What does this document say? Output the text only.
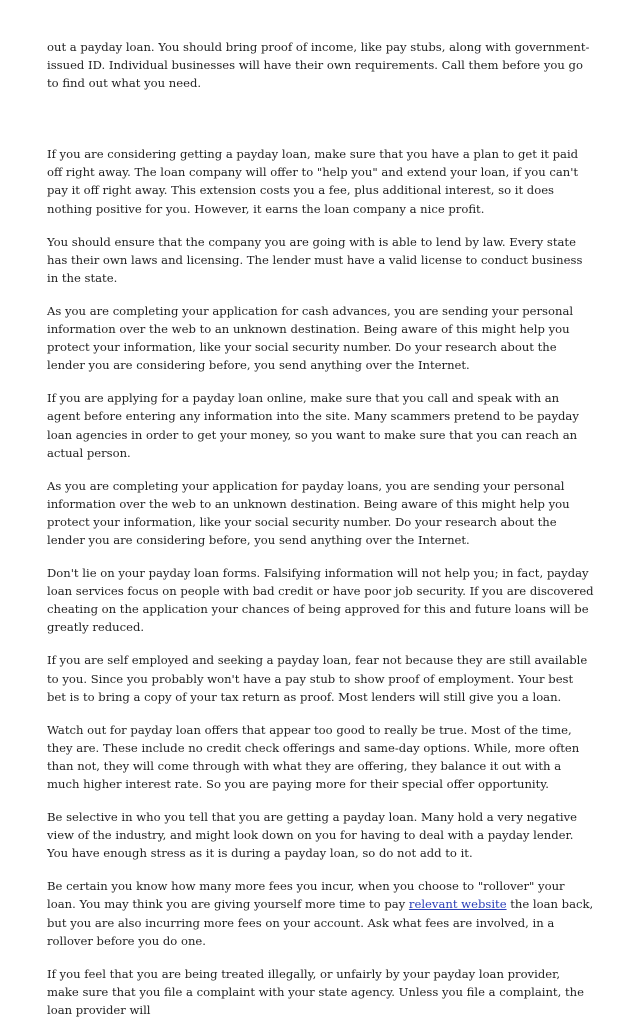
out a payday loan. You should bring proof of income, like pay stubs, along with government-issued ID. Individual businesses will have their own requirements. Call them before you go to find out what you need.

If you are considering getting a payday loan, make sure that you have a plan to get it paid off right away. The loan company will offer to "help you" and extend your loan, if you can't pay it off right away. This extension costs you a fee, plus additional interest, so it does nothing positive for you. However, it earns the loan company a nice profit.

You should ensure that the company you are going with is able to lend by law. Every state has their own laws and licensing. The lender must have a valid license to conduct business in the state.

As you are completing your application for cash advances, you are sending your personal information over the web to an unknown destination. Being aware of this might help you protect your information, like your social security number. Do your research about the lender you are considering before, you send anything over the Internet.

If you are applying for a payday loan online, make sure that you call and speak with an agent before entering any information into the site. Many scammers pretend to be payday loan agencies in order to get your money, so you want to make sure that you can reach an actual person.

As you are completing your application for payday loans, you are sending your personal information over the web to an unknown destination. Being aware of this might help you protect your information, like your social security number. Do your research about the lender you are considering before, you send anything over the Internet.

Don't lie on your payday loan forms. Falsifying information will not help you; in fact, payday loan services focus on people with bad credit or have poor job security. If you are discovered cheating on the application your chances of being approved for this and future loans will be greatly reduced.

If you are self employed and seeking a payday loan, fear not because they are still available to you. Since you probably won't have a pay stub to show proof of employment. Your best bet is to bring a copy of your tax return as proof. Most lenders will still give you a loan.

Watch out for payday loan offers that appear too good to really be true. Most of the time, they are. These include no credit check offerings and same-day options. While, more often than not, they will come through with what they are offering, they balance it out with a much higher interest rate. So you are paying more for their special offer opportunity.

Be selective in who you tell that you are getting a payday loan. Many hold a very negative view of the industry, and might look down on you for having to deal with a payday lender. You have enough stress as it is during a payday loan, so do not add to it.

Be certain you know how many more fees you incur, when you choose to "rollover" your loan. You may think you are giving yourself more time to pay relevant website the loan back, but you are also incurring more fees on your account. Ask what fees are involved, in a rollover before you do one.

If you feel that you are being treated illegally, or unfairly by your payday loan provider, make sure that you file a complaint with your state agency. Unless you file a complaint, the loan provider will
